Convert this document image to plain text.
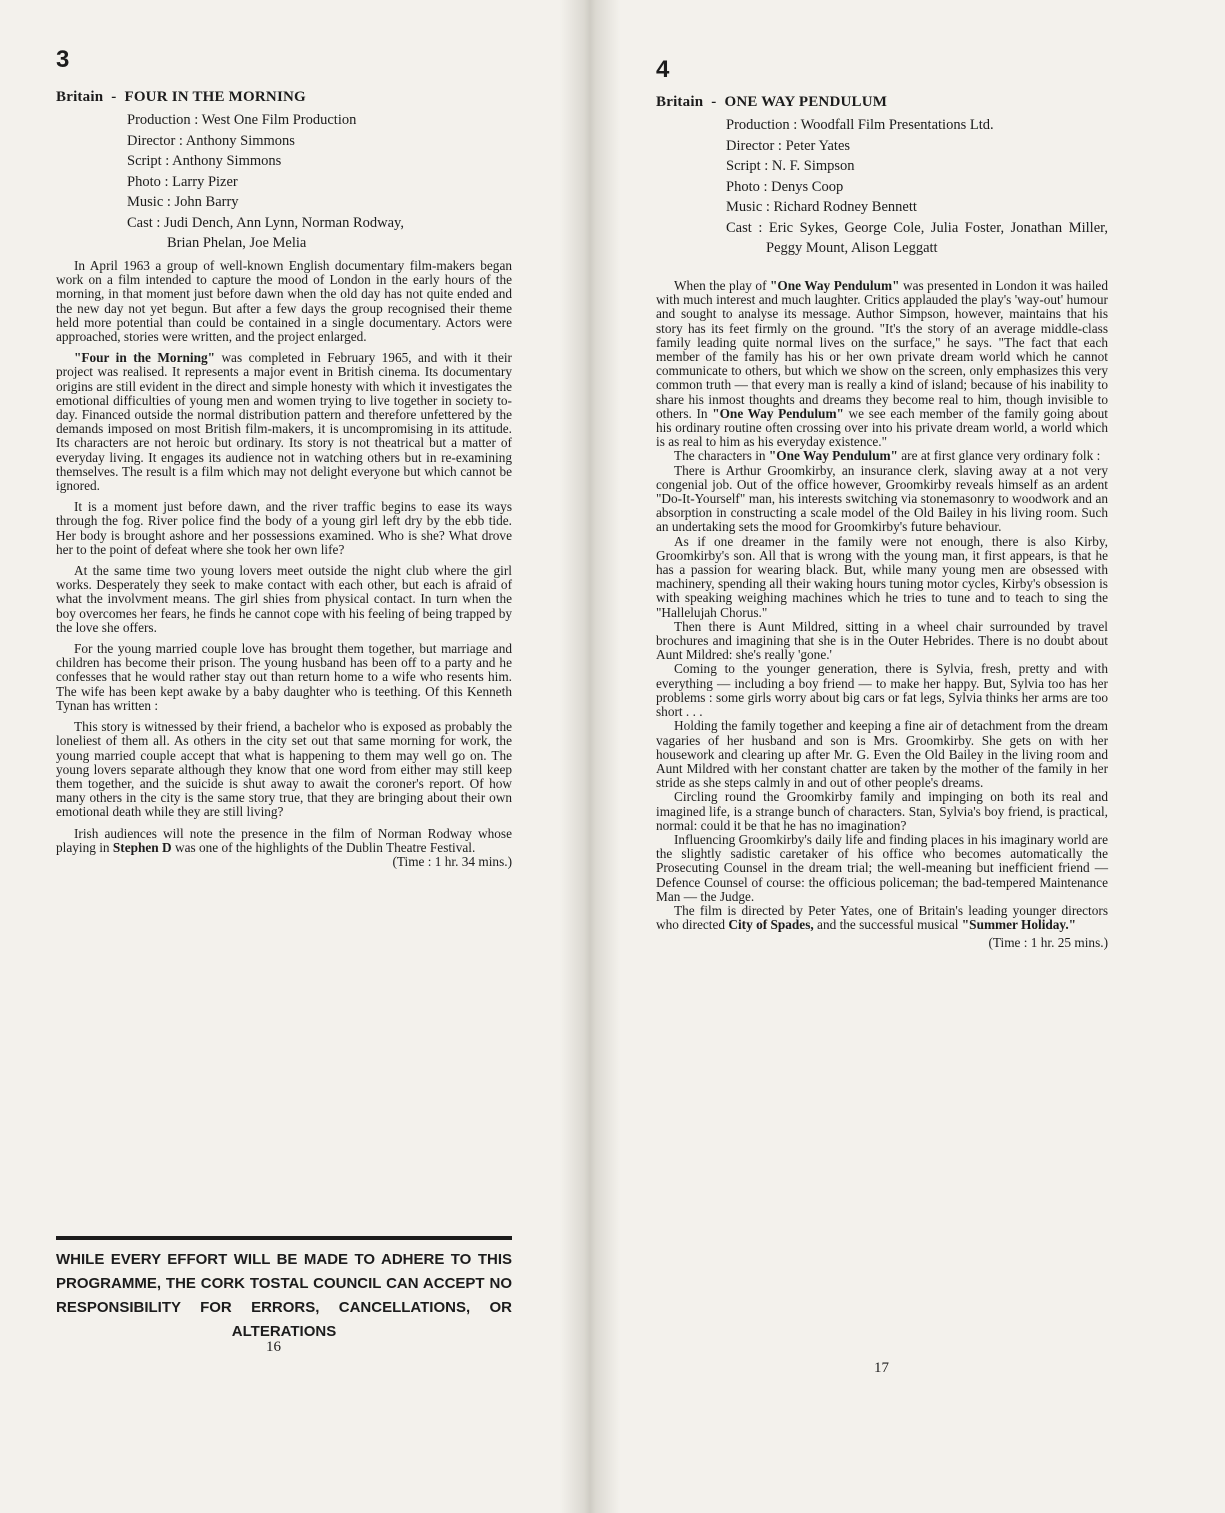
3
Britain - FOUR IN THE MORNING
Production : West One Film Production
Director : Anthony Simmons
Script : Anthony Simmons
Photo : Larry Pizer
Music : John Barry
Cast : Judi Dench, Ann Lynn, Norman Rodway,
Brian Phelan, Joe Melia

In April 1963 a group of well-known English documentary film-makers began work on a film intended to capture the mood of London in the early hours of the morning, in that moment just before dawn when the old day has not quite ended and the new day not yet begun. But after a few days the group recognised their theme held more potential than could be contained in a single documentary. Actors were approached, stories were written, and the project enlarged.

"Four in the Morning" was completed in February 1965, and with it their project was realised. It represents a major event in British cinema. Its documentary origins are still evident in the direct and simple honesty with which it investigates the emotional difficulties of young men and women trying to live together in society to-day. Financed outside the normal distribution pattern and therefore unfettered by the demands imposed on most British film-makers, it is uncompromising in its attitude. Its characters are not heroic but ordinary. Its story is not theatrical but a matter of everyday living. It engages its audience not in watching others but in re-examining themselves. The result is a film which may not delight everyone but which cannot be ignored.

It is a moment just before dawn, and the river traffic begins to ease its ways through the fog. River police find the body of a young girl left dry by the ebb tide. Her body is brought ashore and her possessions examined. Who is she? What drove her to the point of defeat where she took her own life?

At the same time two young lovers meet outside the night club where the girl works. Desperately they seek to make contact with each other, but each is afraid of what the involvment means. The girl shies from physical contact. In turn when the boy overcomes her fears, he finds he cannot cope with his feeling of being trapped by the love she offers.

For the young married couple love has brought them together, but marriage and children has become their prison. The young husband has been off to a party and he confesses that he would rather stay out than return home to a wife who resents him. The wife has been kept awake by a baby daughter who is teething. Of this Kenneth Tynan has written :

This story is witnessed by their friend, a bachelor who is exposed as probably the loneliest of them all. As others in the city set out that same morning for work, the young married couple accept that what is happening to them may well go on. The young lovers separate although they know that one word from either may still keep them together, and the suicide is shut away to await the coroner's report. Of how many others in the city is the same story true, that they are bringing about their own emotional death while they are still living?

Irish audiences will note the presence in the film of Norman Rodway whose playing in Stephen D was one of the highlights of the Dublin Theatre Festival.

(Time : 1 hr. 34 mins.)
WHILE EVERY EFFORT WILL BE MADE TO ADHERE TO THIS PROGRAMME, THE CORK TOSTAL COUNCIL CAN ACCEPT NO RESPONSIBILITY FOR ERRORS, CANCELLATIONS, OR ALTERATIONS
16
4
Britain - ONE WAY PENDULUM
Production : Woodfall Film Presentations Ltd.
Director : Peter Yates
Script : N. F. Simpson
Photo : Denys Coop
Music : Richard Rodney Bennett
Cast : Eric Sykes, George Cole, Julia Foster, Jonathan Miller, Peggy Mount, Alison Leggatt

When the play of "One Way Pendulum" was presented in London it was hailed with much interest and much laughter. Critics applauded the play's 'way-out' humour and sought to analyse its message. Author Simpson, however, maintains that his story has its feet firmly on the ground. "It's the story of an average middle-class family leading quite normal lives on the surface," he says. "The fact that each member of the family has his or her own private dream world which he cannot communicate to others, but which we show on the screen, only emphasizes this very common truth — that every man is really a kind of island; because of his inability to share his inmost thoughts and dreams they become real to him, though invisible to others. In "One Way Pendulum" we see each member of the family going about his ordinary routine often crossing over into his private dream world, a world which is as real to him as his everyday existence."

The characters in "One Way Pendulum" are at first glance very ordinary folk :

There is Arthur Groomkirby, an insurance clerk, slaving away at a not very congenial job. Out of the office however, Groomkirby reveals himself as an ardent "Do-It-Yourself" man, his interests switching via stonemasonry to woodwork and an absorption in constructing a scale model of the Old Bailey in his living room. Such an undertaking sets the mood for Groomkirby's future behaviour.

As if one dreamer in the family were not enough, there is also Kirby, Groomkirby's son. All that is wrong with the young man, it first appears, is that he has a passion for wearing black. But, while many young men are obsessed with machinery, spending all their waking hours tuning motor cycles, Kirby's obsession is with speaking weighing machines which he tries to tune and to teach to sing the "Hallelujah Chorus."

Then there is Aunt Mildred, sitting in a wheel chair surrounded by travel brochures and imagining that she is in the Outer Hebrides. There is no doubt about Aunt Mildred: she's really 'gone.'

Coming to the younger generation, there is Sylvia, fresh, pretty and with everything — including a boy friend — to make her happy. But, Sylvia too has her problems : some girls worry about big cars or fat legs, Sylvia thinks her arms are too short . . .

Holding the family together and keeping a fine air of detachment from the dream vagaries of her husband and son is Mrs. Groomkirby. She gets on with her housework and clearing up after Mr. G. Even the Old Bailey in the living room and Aunt Mildred with her constant chatter are taken by the mother of the family in her stride as she steps calmly in and out of other people's dreams.

Circling round the Groomkirby family and impinging on both its real and imagined life, is a strange bunch of characters. Stan, Sylvia's boy friend, is practical, normal: could it be that he has no imagination?

Influencing Groomkirby's daily life and finding places in his imaginary world are the slightly sadistic caretaker of his office who becomes automatically the Prosecuting Counsel in the dream trial; the well-meaning but inefficient friend — Defence Counsel of course: the officious policeman; the bad-tempered Maintenance Man — the Judge.

The film is directed by Peter Yates, one of Britain's leading younger directors who directed City of Spades, and the successful musical "Summer Holiday."

(Time : 1 hr. 25 mins.)
17
